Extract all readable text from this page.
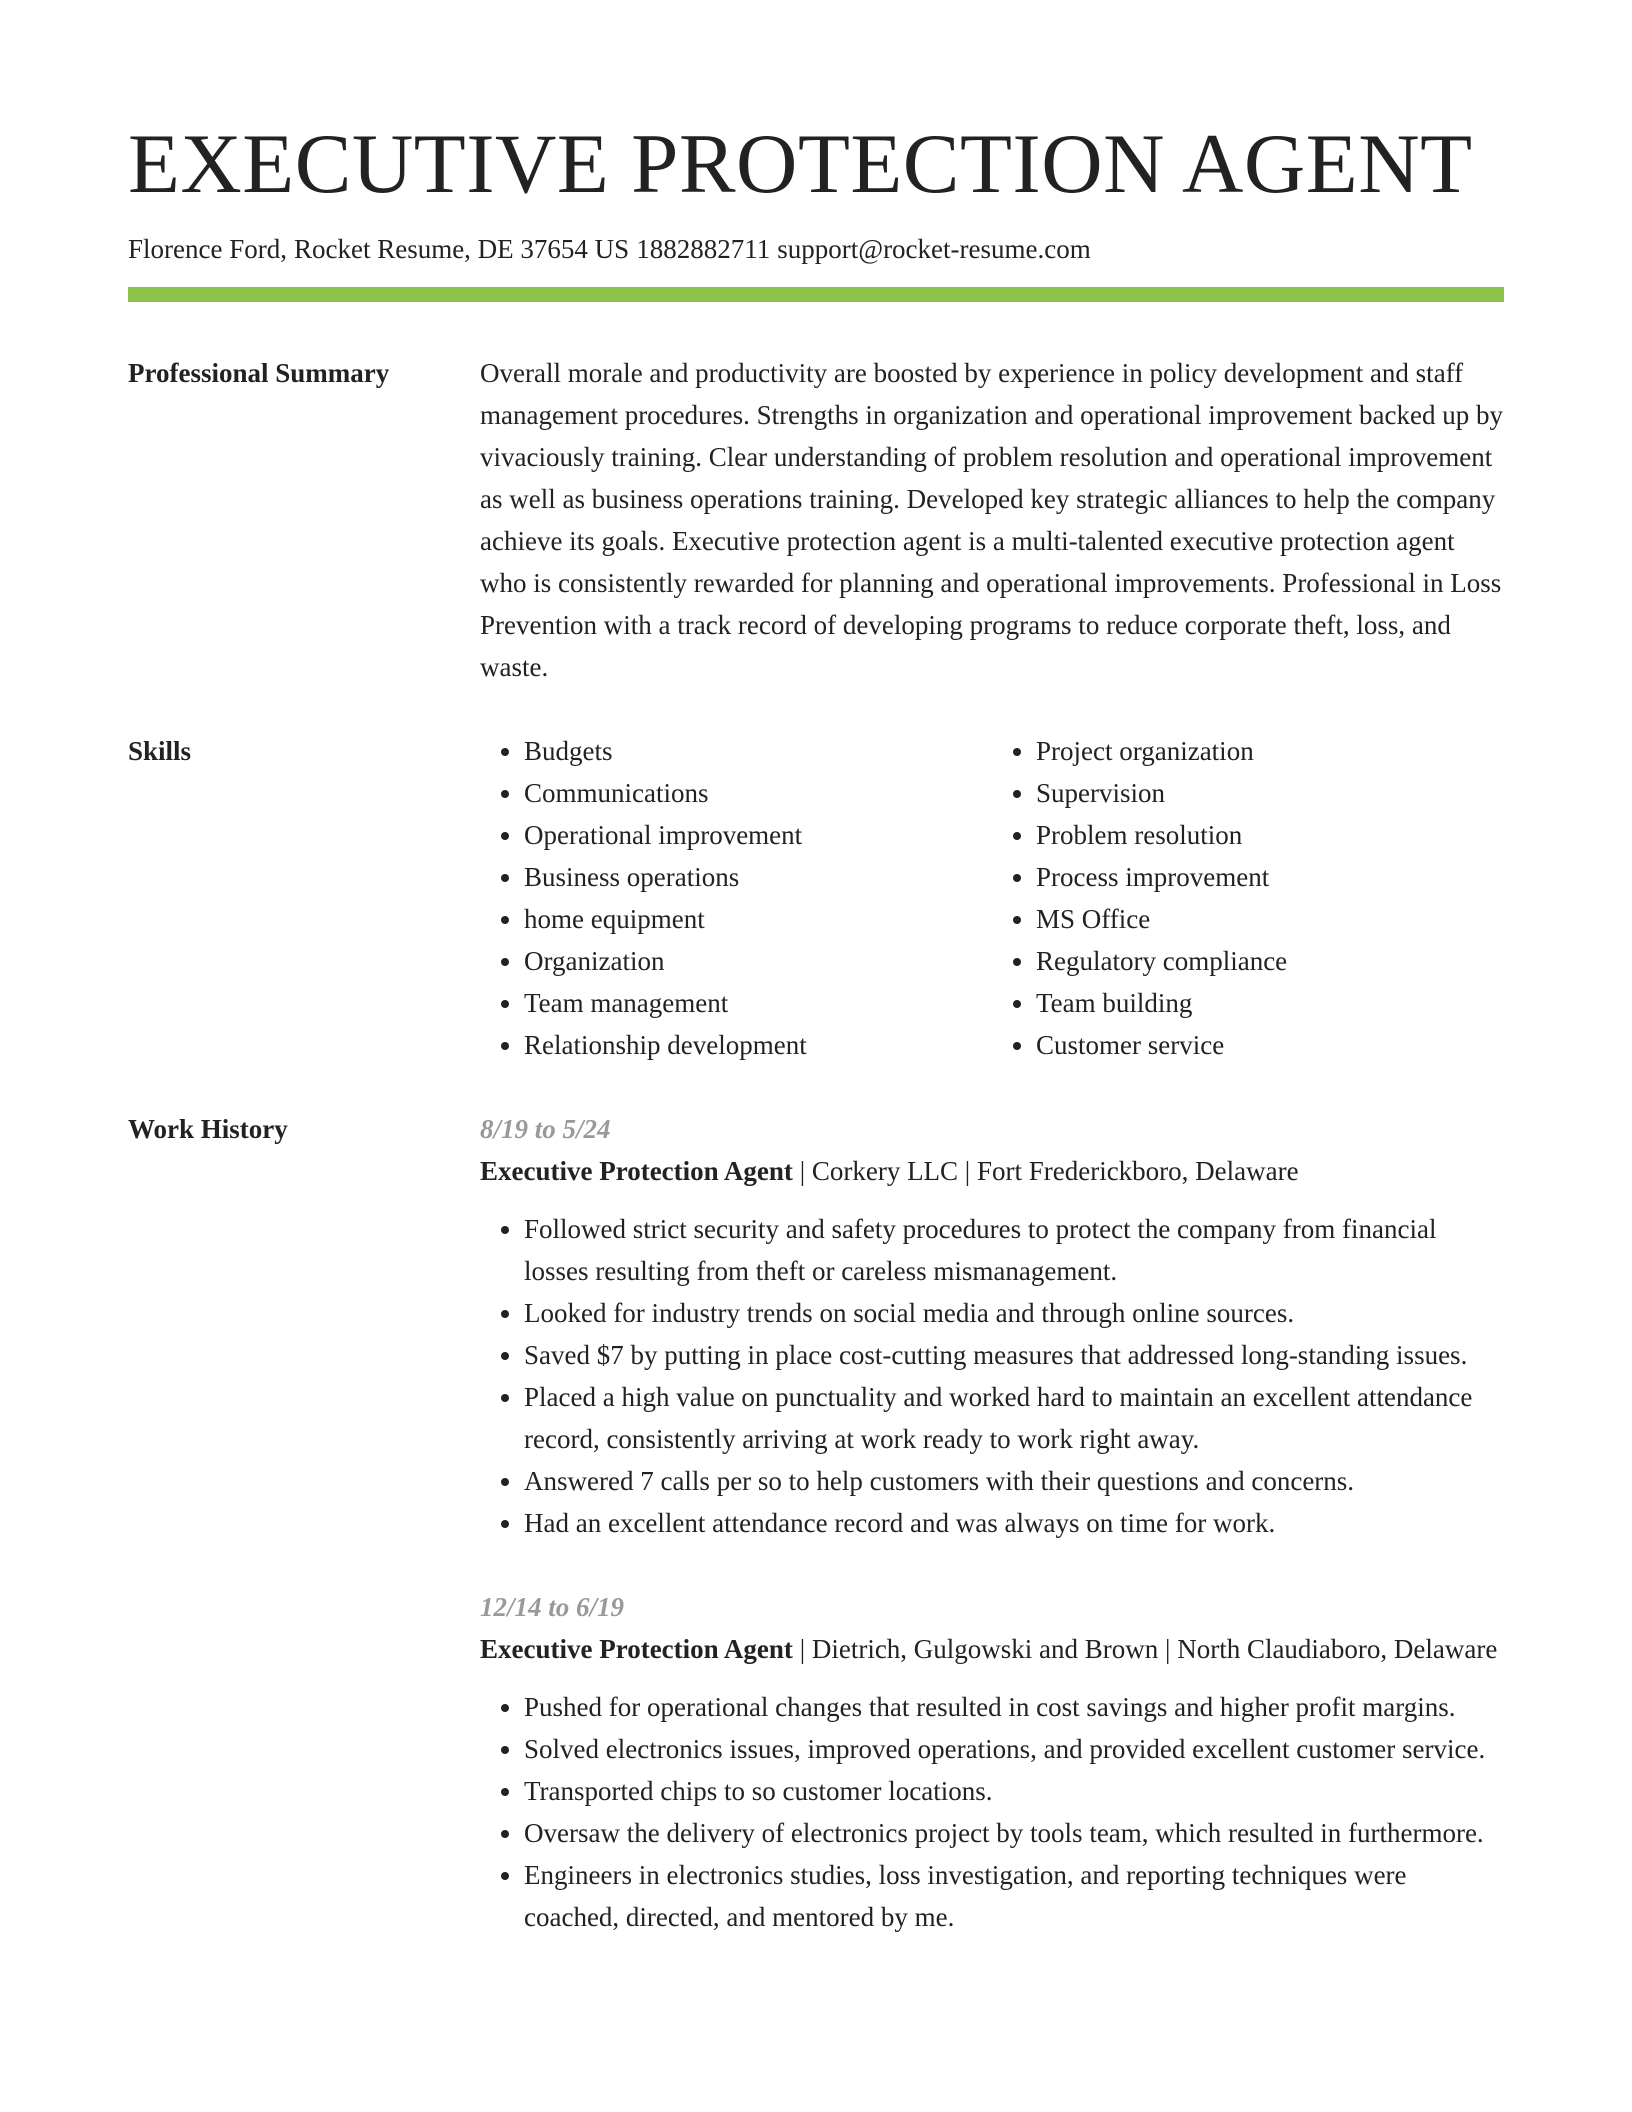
EXECUTIVE PROTECTION AGENT
Florence Ford, Rocket Resume, DE 37654 US 1882882711 support@rocket-resume.com
Professional Summary	Overall morale and productivity are boosted by experience in policy development and staff management procedures. Strengths in organization and operational improvement backed up by vivaciously training. Clear understanding of problem resolution and operational improvement as well as business operations training. Developed key strategic alliances to help the company achieve its goals. Executive protection agent is a multi-talented executive protection agent who is consistently rewarded for planning and operational improvements. Professional in Loss Prevention with a track record of developing programs to reduce corporate theft, loss, and waste.

Skills
•	Budgets
• Communications
• Operational improvement
• Business operations
• home equipment
• Organization
• Team management
• Relationship development
• Project organization
• Supervision
• Problem resolution
• Process improvement
• MS Office
• Regulatory compliance
• Team building
• Customer service
Work History	8/19 to 5/24
Executive Protection Agent | Corkery LLC | Fort Frederickboro, Delaware
• Followed strict security and safety procedures to protect the company from financial losses resulting from theft or careless mismanagement.
• Looked for industry trends on social media and through online sources.
• Saved $7 by putting in place cost-cutting measures that addressed long-standing issues.
• Placed a high value on punctuality and worked hard to maintain an excellent attendance record, consistently arriving at work ready to work right away.
• Answered 7 calls per so to help customers with their questions and concerns.
• Had an excellent attendance record and was always on time for work.
12/14 to 6/19
Executive Protection Agent | Dietrich, Gulgowski and Brown | North Claudiaboro, Delaware
• Pushed for operational changes that resulted in cost savings and higher profit margins.
• Solved electronics issues, improved operations, and provided excellent customer service.
• Transported chips to so customer locations.
• Oversaw the delivery of electronics project by tools team, which resulted in furthermore.
• Engineers in electronics studies, loss investigation, and reporting techniques were coached, directed, and mentored by me.
